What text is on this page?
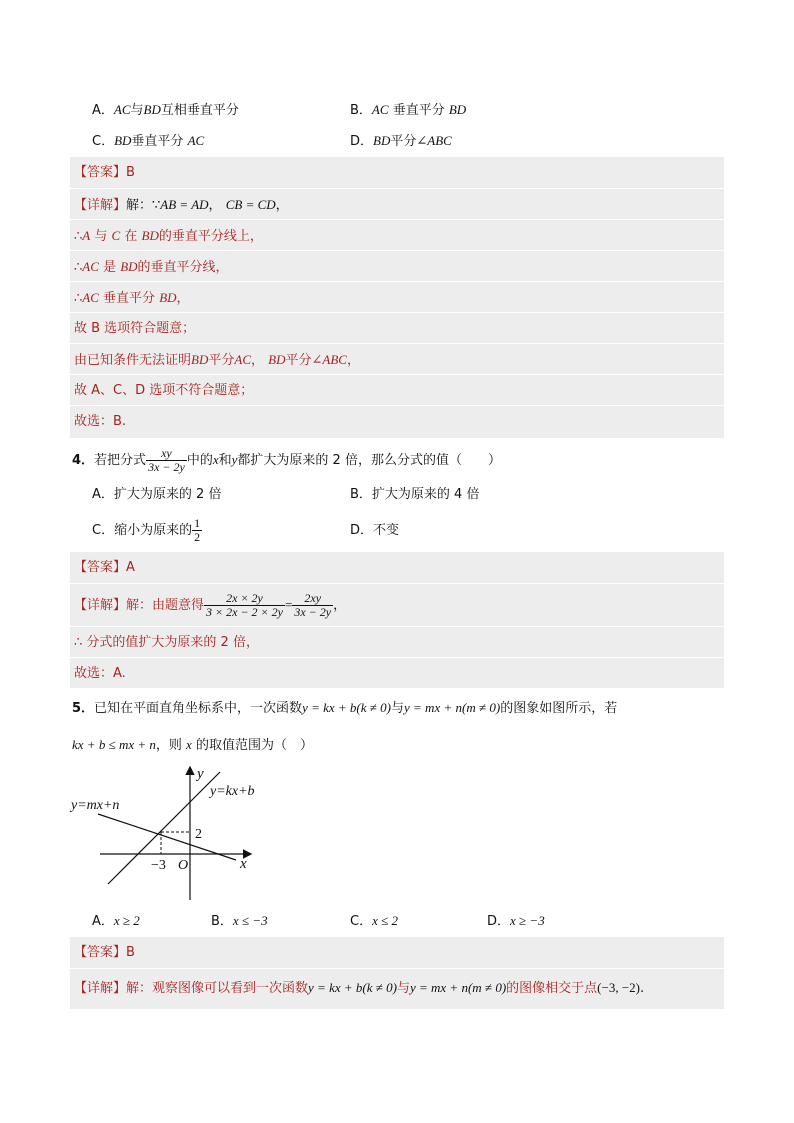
A．AC与BD互相垂直平分	B．AC 垂直平分 BD
C．BD垂直平分 AC	D．BD平分∠ABC
【答案】B
【详解】解：∵AB = AD， CB = CD，
∴A 与 C 在 BD的垂直平分线上，
∴AC 是 BD的垂直平分线，
∴AC 垂直平分 BD，
故 B 选项符合题意；
由已知条件无法证明BD平分AC， BD平分∠ABC，
故 A、C、D 选项不符合题意；
故选：B.
4．若把分式 $\frac{xy}{3x - 2y}$ 中的x和y都扩大为原来的 2 倍，那么分式的值（　　）
A．扩大为原来的 2 倍	B．扩大为原来的 4 倍
C．缩小为原来的 $\frac{1}{2}$	D．不变
【答案】A
【详解】解：由题意得 $\frac{2x \times 2y}{3 \times 2x - 2 \times 2y} = \frac{2xy}{3x - 2y}$ ，
∴ 分式的值扩大为原来的 2 倍，
故选：A.
5．已知在平面直角坐标系中，一次函数y = kx + b(k ≠ 0)与y = mx + n(m ≠ 0)的图象如图所示，若
kx + b ≤ mx + n，则 x 的取值范围为（　）
y
x
O
y=kx+b
y=mx+n
2
−3
A．x ≥ 2	B．x ≤ −3	C．x ≤ 2	D．x ≥ −3
【答案】B
【详解】解：观察图像可以看到一次函数y = kx + b(k ≠ 0)与y = mx + n(m ≠ 0)的图像相交于点(−3, −2).
